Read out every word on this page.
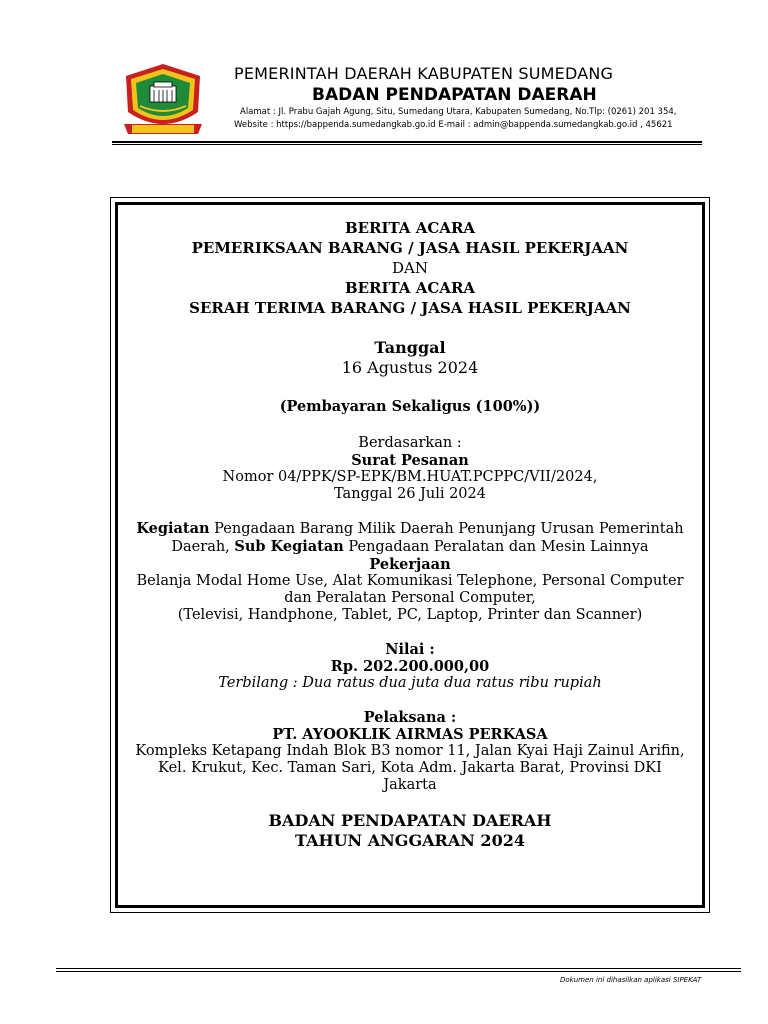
PEMERINTAH DAERAH KABUPATEN SUMEDANG
BADAN PENDAPATAN DAERAH
Alamat : Jl. Prabu Gajah Agung, Situ, Sumedang Utara, Kabupaten Sumedang, No.Tlp: (0261) 201 354,
Website : https://bappenda.sumedangkab.go.id E-mail : admin@bappenda.sumedangkab.go.id , 45621
BERITA ACARA
PEMERIKSAAN BARANG / JASA HASIL PEKERJAAN
DAN
BERITA ACARA
SERAH TERIMA BARANG / JASA HASIL PEKERJAAN
Tanggal
16 Agustus 2024
(Pembayaran Sekaligus (100%))
Berdasarkan :
Surat Pesanan
Nomor 04/PPK/SP-EPK/BM.HUAT.PCPPC/VII/2024,
Tanggal 26 Juli 2024
Kegiatan Pengadaan Barang Milik Daerah Penunjang Urusan Pemerintah
Daerah, Sub Kegiatan Pengadaan Peralatan dan Mesin Lainnya
Pekerjaan
Belanja Modal Home Use, Alat Komunikasi Telephone, Personal Computer
dan Peralatan Personal Computer,
(Televisi, Handphone, Tablet, PC, Laptop, Printer dan Scanner)
Nilai :
Rp. 202.200.000,00
Terbilang : Dua ratus dua juta dua ratus ribu rupiah
Pelaksana :
PT. AYOOKLIK AIRMAS PERKASA
Kompleks Ketapang Indah Blok B3 nomor 11, Jalan Kyai Haji Zainul Arifin,
Kel. Krukut, Kec. Taman Sari, Kota Adm. Jakarta Barat, Provinsi DKI
Jakarta
BADAN PENDAPATAN DAERAH
TAHUN ANGGARAN 2024
Dokumen ini dihasilkan aplikasi SIPEKAT
